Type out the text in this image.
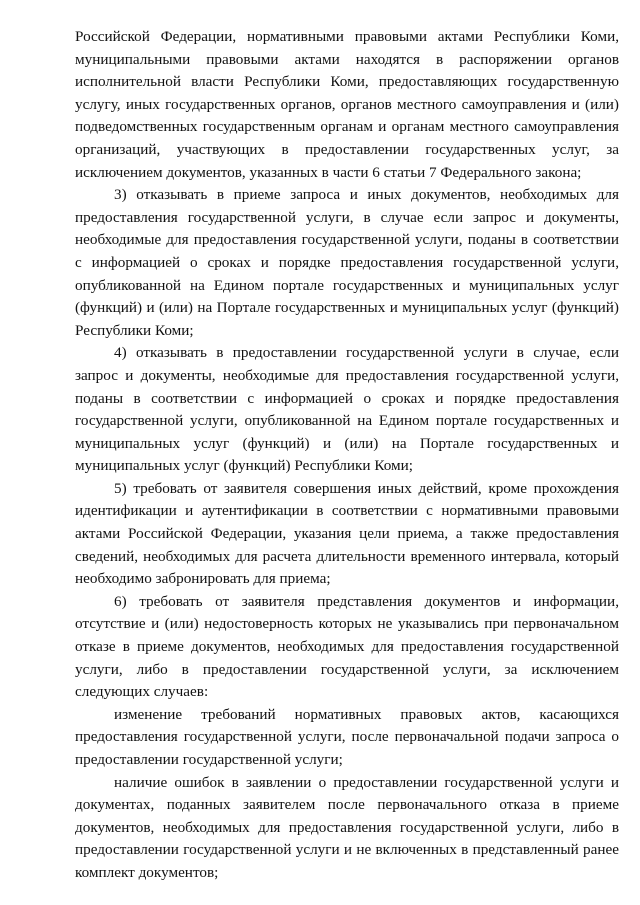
Российской Федерации, нормативными правовыми актами Республики Коми, муниципальными правовыми актами находятся в распоряжении органов исполнительной власти Республики Коми, предоставляющих государственную услугу, иных государственных органов, органов местного самоуправления и (или) подведомственных государственным органам и органам местного самоуправления организаций, участвующих в предоставлении государственных услуг, за исключением документов, указанных в части 6 статьи 7 Федерального закона;

3) отказывать в приеме запроса и иных документов, необходимых для предоставления государственной услуги, в случае если запрос и документы, необходимые для предоставления государственной услуги, поданы в соответствии с информацией о сроках и порядке предоставления государственной услуги, опубликованной на Едином портале государственных и муниципальных услуг (функций) и (или) на Портале государственных и муниципальных услуг (функций) Республики Коми;

4) отказывать в предоставлении государственной услуги в случае, если запрос и документы, необходимые для предоставления государственной услуги, поданы в соответствии с информацией о сроках и порядке предоставления государственной услуги, опубликованной на Едином портале государственных и муниципальных услуг (функций) и (или) на Портале государственных и муниципальных услуг (функций) Республики Коми;

5) требовать от заявителя совершения иных действий, кроме прохождения идентификации и аутентификации в соответствии с нормативными правовыми актами Российской Федерации, указания цели приема, а также предоставления сведений, необходимых для расчета длительности временного интервала, который необходимо забронировать для приема;

6) требовать от заявителя представления документов и информации, отсутствие и (или) недостоверность которых не указывались при первоначальном отказе в приеме документов, необходимых для предоставления государственной услуги, либо в предоставлении государственной услуги, за исключением следующих случаев:

изменение требований нормативных правовых актов, касающихся предоставления государственной услуги, после первоначальной подачи запроса о предоставлении государственной услуги;

наличие ошибок в заявлении о предоставлении государственной услуги и документах, поданных заявителем после первоначального отказа в приеме документов, необходимых для предоставления государственной услуги, либо в предоставлении государственной услуги и не включенных в представленный ранее комплект документов;
